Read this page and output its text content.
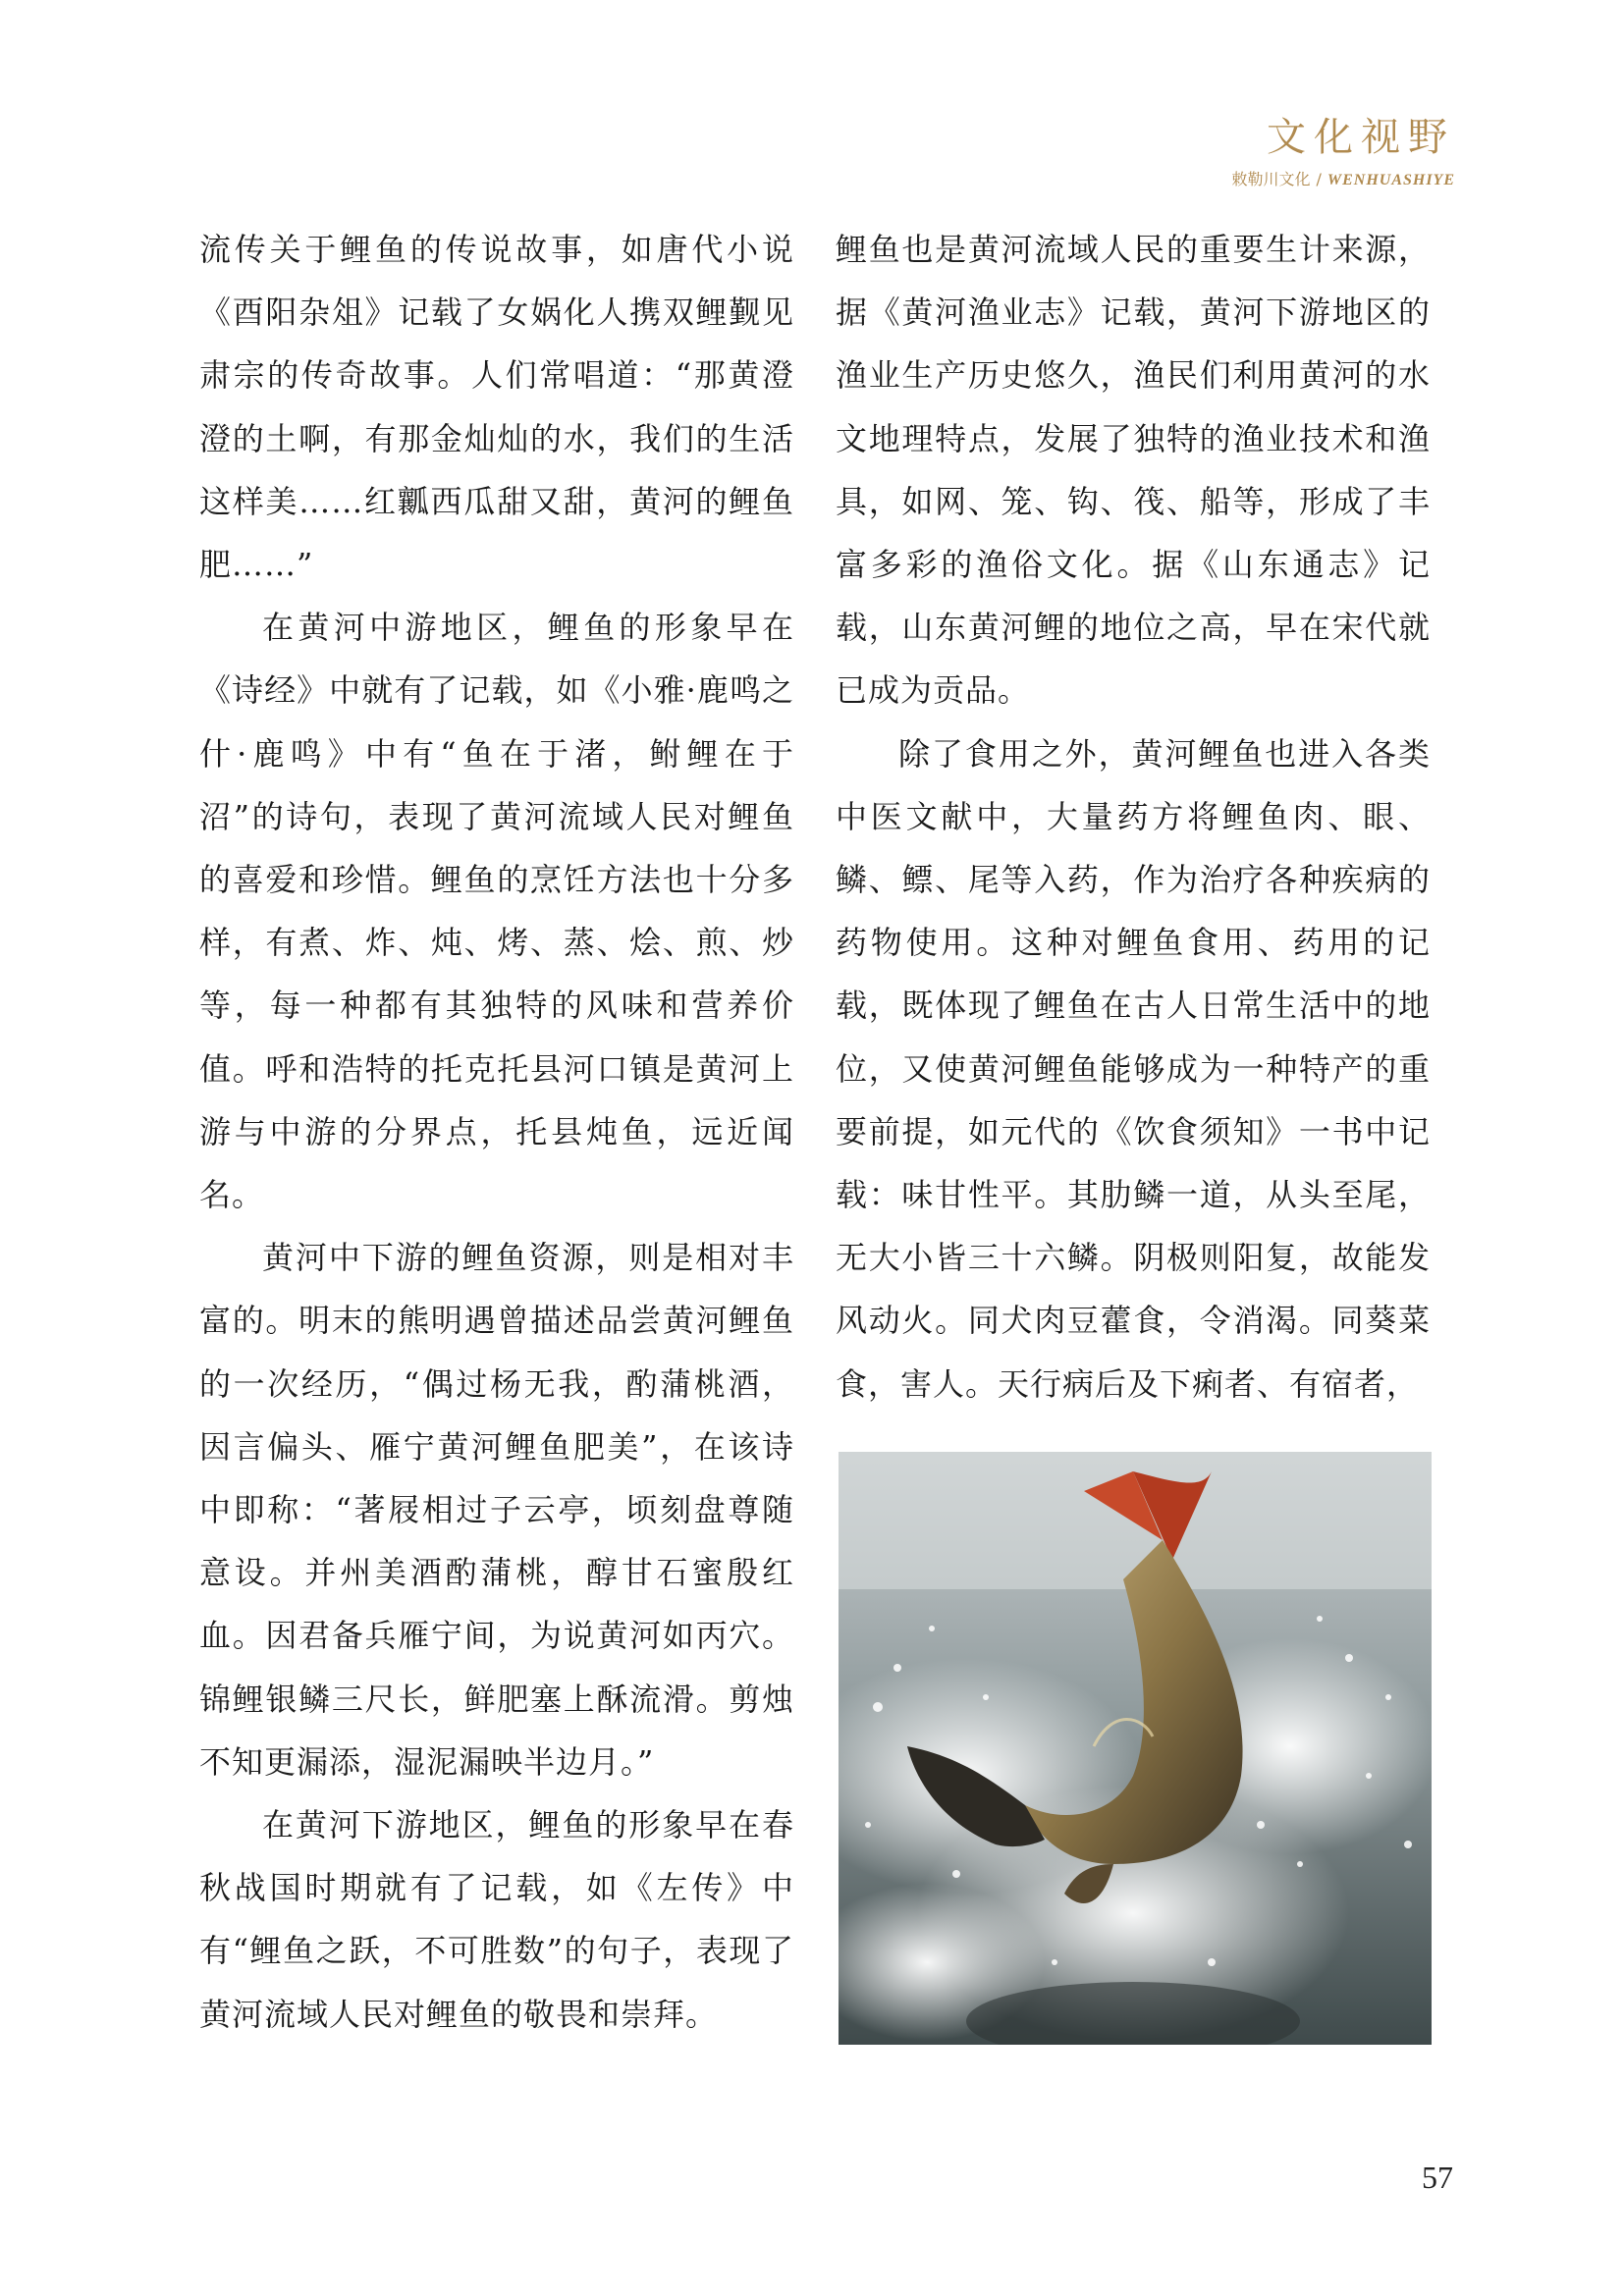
文化视野
敕勒川文化 / WENHUASHIYE

流传关于鲤鱼的传说故事，如唐代小说《酉阳杂俎》记载了女娲化人携双鲤觐见肃宗的传奇故事。人们常唱道：“那黄澄澄的土啊，有那金灿灿的水，我们的生活这样美……红瓤西瓜甜又甜，黄河的鲤鱼肥……”

在黄河中游地区，鲤鱼的形象早在《诗经》中就有了记载，如《小雅·鹿鸣之什·鹿鸣》中有“鱼在于渚，鲋鲤在于沼”的诗句，表现了黄河流域人民对鲤鱼的喜爱和珍惜。鲤鱼的烹饪方法也十分多样，有煮、炸、炖、烤、蒸、烩、煎、炒等，每一种都有其独特的风味和营养价值。呼和浩特的托克托县河口镇是黄河上游与中游的分界点，托县炖鱼，远近闻名。

黄河中下游的鲤鱼资源，则是相对丰富的。明末的熊明遇曾描述品尝黄河鲤鱼的一次经历，“偶过杨无我，酌蒲桃酒，因言偏头、雁宁黄河鲤鱼肥美”，在该诗中即称：“著屐相过子云亭，顷刻盘尊随意设。并州美酒酌蒲桃，醇甘石蜜殷红血。因君备兵雁宁间，为说黄河如丙穴。锦鲤银鳞三尺长，鲜肥塞上酥流滑。剪烛不知更漏添，湿泥漏映半边月。”

在黄河下游地区，鲤鱼的形象早在春秋战国时期就有了记载，如《左传》中有“鲤鱼之跃，不可胜数”的句子，表现了黄河流域人民对鲤鱼的敬畏和崇拜。

鲤鱼也是黄河流域人民的重要生计来源，据《黄河渔业志》记载，黄河下游地区的渔业生产历史悠久，渔民们利用黄河的水文地理特点，发展了独特的渔业技术和渔具，如网、笼、钩、筏、船等，形成了丰富多彩的渔俗文化。据《山东通志》记载，山东黄河鲤的地位之高，早在宋代就已成为贡品。

除了食用之外，黄河鲤鱼也进入各类中医文献中，大量药方将鲤鱼肉、眼、鳞、鳔、尾等入药，作为治疗各种疾病的药物使用。这种对鲤鱼食用、药用的记载，既体现了鲤鱼在古人日常生活中的地位，又使黄河鲤鱼能够成为一种特产的重要前提，如元代的《饮食须知》一书中记载：味甘性平。其肋鳞一道，从头至尾，无大小皆三十六鳞。阴极则阳复，故能发风动火。同犬肉豆藿食，令消渴。同葵菜食，害人。天行病后及下痢者、有宿者，

57
